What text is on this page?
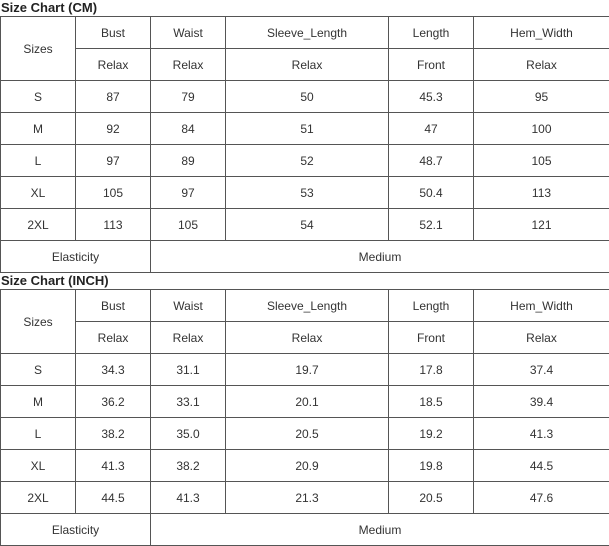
Size Chart (CM)
Sizes	Bust	Waist	Sleeve_Length	Length	Hem_Width
	Relax	Relax	Relax	Front	Relax
S	87	79	50	45.3	95
M	92	84	51	47	100
L	97	89	52	48.7	105
XL	105	97	53	50.4	113
2XL	113	105	54	52.1	121
Elasticity		Medium			
Size Chart (INCH)
Sizes	Bust	Waist	Sleeve_Length	Length	Hem_Width
	Relax	Relax	Relax	Front	Relax
S	34.3	31.1	19.7	17.8	37.4
M	36.2	33.1	20.1	18.5	39.4
L	38.2	35.0	20.5	19.2	41.3
XL	41.3	38.2	20.9	19.8	44.5
2XL	44.5	41.3	21.3	20.5	47.6
Elasticity		Medium			
